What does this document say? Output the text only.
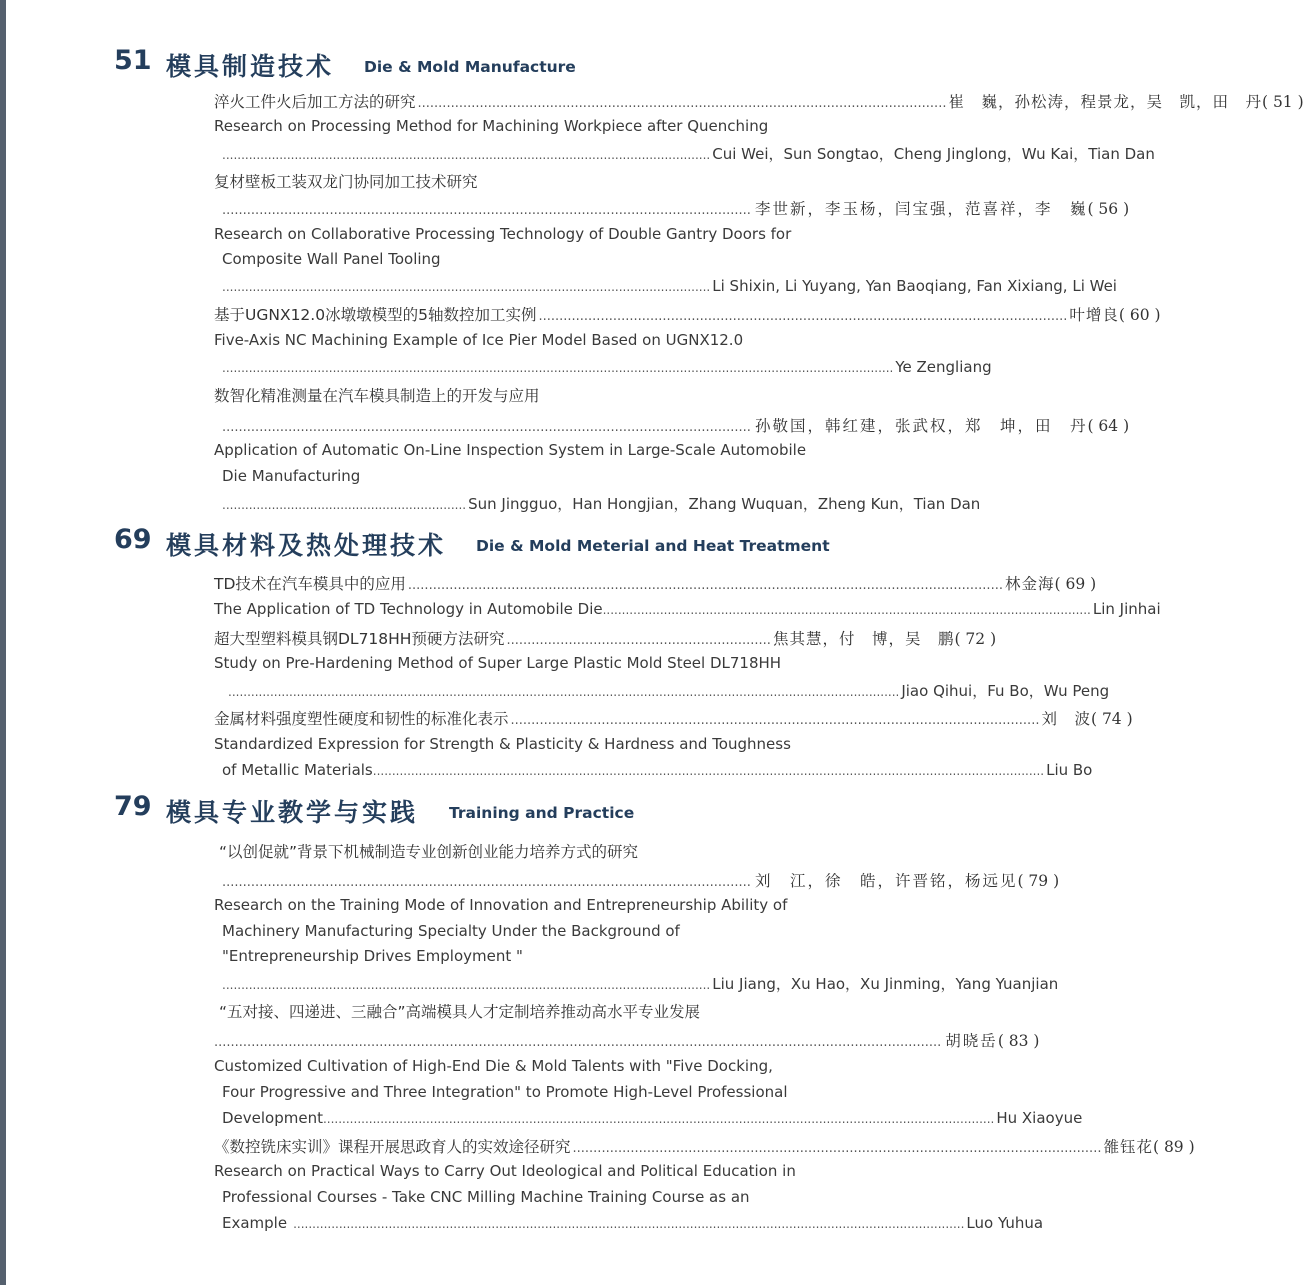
51 模具制造技术 Die & Mold Manufacture
淬火工件火后加工方法的研究 ................................................................................................................................ 崔　巍，孙松涛，程景龙，吴　凯，田　丹 ( 51 )
Research on Processing Method for Machining Workpiece after Quenching
................................................................................................................................ Cui Wei，Sun Songtao，Cheng Jinglong，Wu Kai，Tian Dan
复材壁板工装双龙门协同加工技术研究
................................................................................................................................ 李世新，李玉杨，闫宝强，范喜祥，李　巍 ( 56 )
Research on Collaborative Processing Technology of Double Gantry Doors for
Composite Wall Panel Tooling
................................................................................................................................ Li Shixin, Li Yuyang, Yan Baoqiang, Fan Xixiang, Li Wei
基于UGNX12.0冰墩墩模型的5轴数控加工实例 ................................................................................................................................ 叶增良 ( 60 )
Five-Axis NC Machining Example of Ice Pier Model Based on UGNX12.0
................................................................................................................................................................................ Ye Zengliang
数智化精准测量在汽车模具制造上的开发与应用
................................................................................................................................ 孙敬国，韩红建，张武权，郑　坤，田　丹 ( 64 )
Application of Automatic On-Line Inspection System in Large-Scale Automobile
Die Manufacturing
................................................................ Sun Jingguo，Han Hongjian，Zhang Wuquan，Zheng Kun，Tian Dan
69 模具材料及热处理技术 Die & Mold Meterial and Heat Treatment
TD技术在汽车模具中的应用 ................................................................................................................................................ 林金海 ( 69 )
The Application of TD Technology in Automobile Die ................................................................................................................................ Lin Jinhai
超大型塑料模具钢DL718HH预硬方法研究 ................................................................ 焦其慧，付　博，吴　鹏 ( 72 )
Study on Pre-Hardening Method of Super Large Plastic Mold Steel DL718HH
................................................................................................................................................................................ Jiao Qihui，Fu Bo，Wu Peng
金属材料强度塑性硬度和韧性的标准化表示 ................................................................................................................................ 刘　波 ( 74 )
Standardized Expression for Strength & Plasticity & Hardness and Toughness
of Metallic Materials ................................................................................................................................................................................ Liu Bo
79 模具专业教学与实践 Training and Practice
“以创促就”背景下机械制造专业创新创业能力培养方式的研究
................................................................................................................................ 刘　江，徐　皓，许晋铭，杨远见 ( 79 )
Research on the Training Mode of Innovation and Entrepreneurship Ability of
Machinery Manufacturing Specialty Under the Background of
"Entrepreneurship Drives Employment "
................................................................................................................................ Liu Jiang，Xu Hao，Xu Jinming，Yang Yuanjian
“五对接、四递进、三融合”高端模具人才定制培养推动高水平专业发展
................................................................................................................................................................................ 胡晓岳 ( 83 )
Customized Cultivation of High-End Die & Mold Talents with "Five Docking,
Four Progressive and Three Integration" to Promote High-Level Professional
Development ................................................................................................................................................................................ Hu Xiaoyue
《数控铣床实训》课程开展思政育人的实效途径研究 ................................................................................................................................ 雒钰花 ( 89 )
Research on Practical Ways to Carry Out Ideological and Political Education in
Professional Courses - Take CNC Milling Machine Training Course as an
Example ................................................................................................................................................................................ Luo Yuhua
